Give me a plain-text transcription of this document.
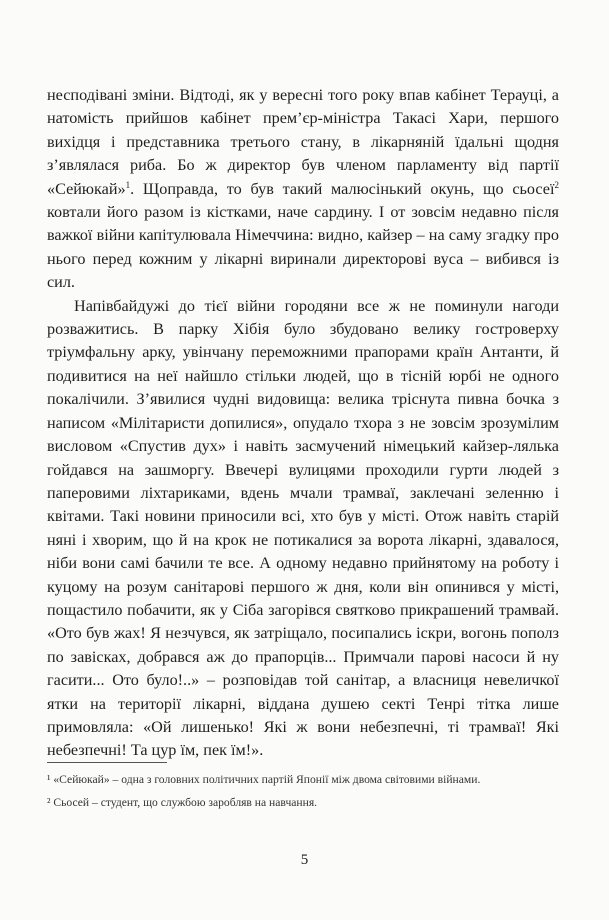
несподівані зміни. Відтоді, як у вересні того року впав кабінет Терауці, а натомість прийшов кабінет прем’єр-міністра Такасі Хари, першого вихідця і представника третього стану, в лікарняній їдальні щодня з’являлася риба. Бо ж директор був членом парламенту від партії «Сейюкай»$^1$. Щоправда, то був такий малюсінький окунь, що сьосеї$^2$ ковтали його разом із кістками, наче сардину. І от зовсім недавно після важкої війни капітулювала Німеччина: видно, кайзер – на саму згадку про нього перед кожним у лікарні виринали директорові вуса – вибився із сил.

Напівбайдужі до тієї війни городяни все ж не поминули нагоди розважитись. В парку Хібія було збудовано велику гостроверху тріумфальну арку, увінчану переможними прапорами країн Антанти, й подивитися на неї найшло стільки людей, що в тісній юрбі не одного покалічили. З’явилися чудні видовища: велика тріснута пивна бочка з написом «Мілітаристи допилися», опудало тхора з не зовсім зрозумілим висловом «Спустив дух» і навіть засмучений німецький кайзер-лялька гойдався на зашморгу. Ввечері вулицями проходили гурти людей з паперовими ліхтариками, вдень мчали трамваї, заклечані зеленню і квітами. Такі новини приносили всі, хто був у місті. Отож навіть старій няні і хворим, що й на крок не потикалися за ворота лікарні, здавалося, ніби вони самі бачили те все. А одному недавно прийнятому на роботу і куцому на розум санітарові першого ж дня, коли він опинився у місті, пощастило побачити, як у Сіба загорівся святково прикрашений трамвай. «Ото був жах! Я незчувся, як затріщало, посипались іскри, вогонь пополз по завісках, добрався аж до прапорців... Примчали парові насоси й ну гасити... Ото було!..» – розповідав той санітар, а власниця невеличкої ятки на території лікарні, віддана душею секті Тенрі тітка лише примовляла: «Ой лишенько! Які ж вони небезпечні, ті трамваї! Які небезпечні! Та цур їм, пек їм!».

¹ «Сейюкай» – одна з головних політичних партій Японії між двома світовими війнами.

² Сьосей – студент, що службою заробляв на навчання.

5
